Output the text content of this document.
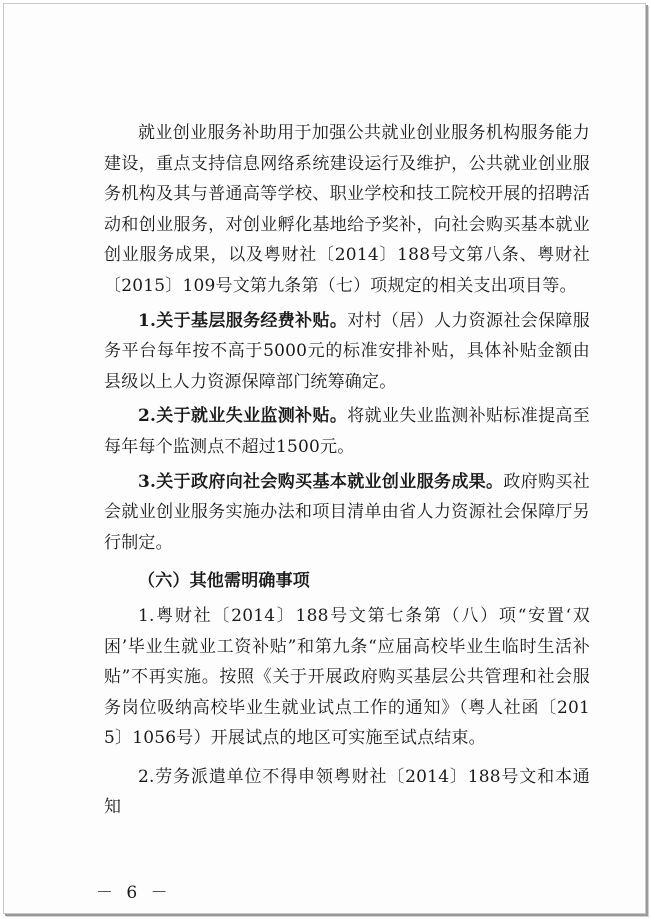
就业创业服务补助用于加强公共就业创业服务机构服务能力建设，重点支持信息网络系统建设运行及维护，公共就业创业服务机构及其与普通高等学校、职业学校和技工院校开展的招聘活动和创业服务，对创业孵化基地给予奖补，向社会购买基本就业创业服务成果，以及粤财社〔2014〕188号文第八条、粤财社〔2015〕109号文第九条第（七）项规定的相关支出项目等。

1.关于基层服务经费补贴。对村（居）人力资源社会保障服务平台每年按不高于5000元的标准安排补贴，具体补贴金额由县级以上人力资源保障部门统筹确定。

2.关于就业失业监测补贴。将就业失业监测补贴标准提高至每年每个监测点不超过1500元。

3.关于政府向社会购买基本就业创业服务成果。政府购买社会就业创业服务实施办法和项目清单由省人力资源社会保障厅另行制定。

（六）其他需明确事项

1.粤财社〔2014〕188号文第七条第（八）项“安置‘双困’毕业生就业工资补贴”和第九条“应届高校毕业生临时生活补贴”不再实施。按照《关于开展政府购买基层公共管理和社会服务岗位吸纳高校毕业生就业试点工作的通知》（粤人社函〔2015〕1056号）开展试点的地区可实施至试点结束。

2.劳务派遣单位不得申领粤财社〔2014〕188号文和本通知

－ 6 －
